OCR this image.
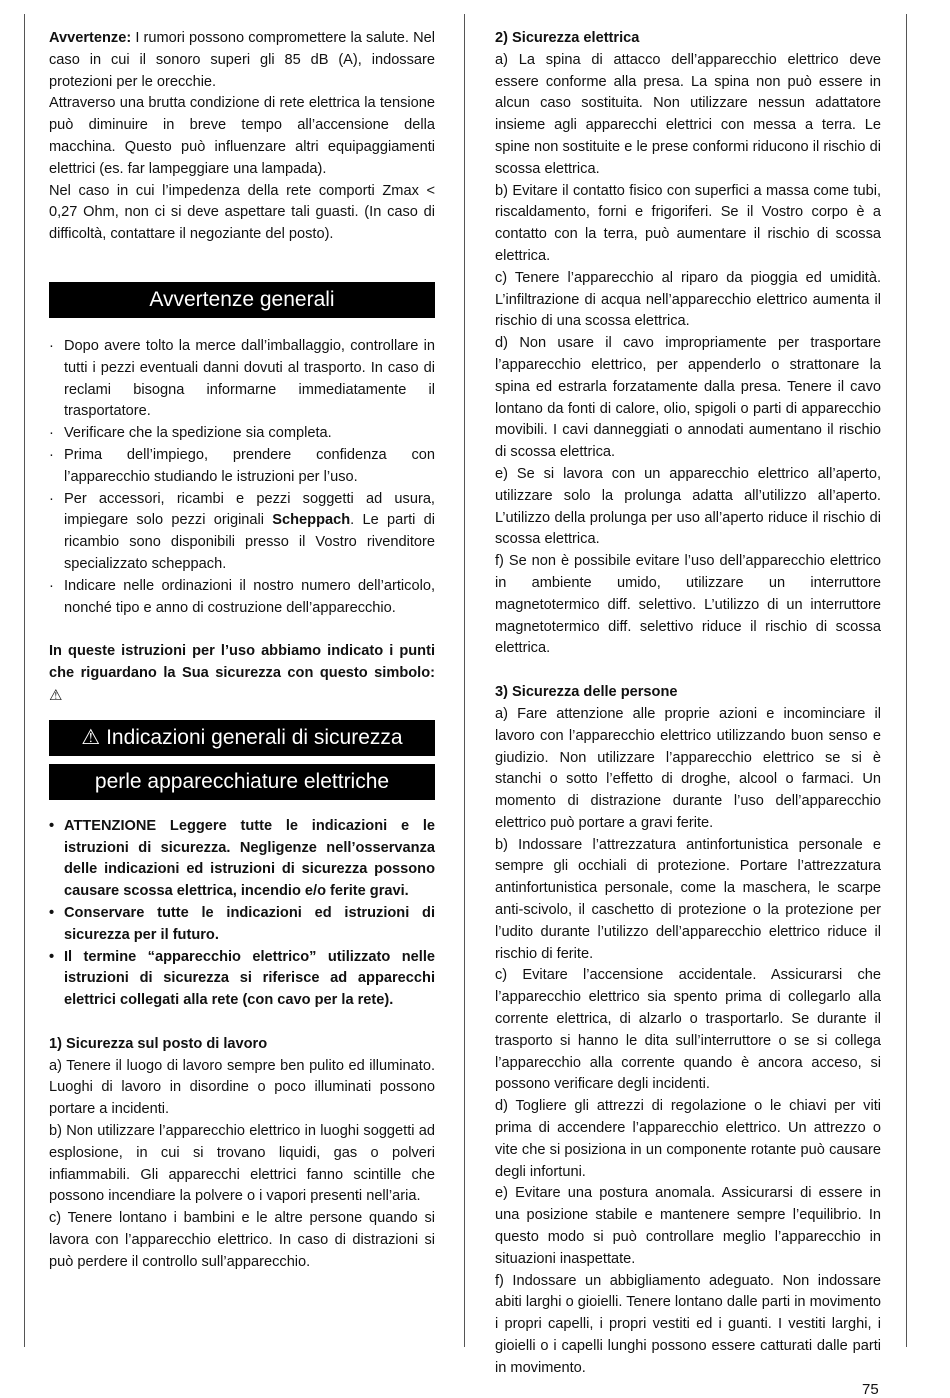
Avvertenze: I rumori possono compromettere la salute. Nel caso in cui il sonoro superi gli 85 dB (A), indossare protezioni per le orecchie.

Attraverso una brutta condizione di rete elettrica la tensione può diminuire in breve tempo all’accensione della macchina. Questo può influenzare altri equipaggiamenti elettrici (es. far lampeggiare una lampada).

Nel caso in cui l’impedenza della rete comporti Zmax < 0,27 Ohm, non ci si deve aspettare tali guasti. (In caso di difficoltà, contattare il negoziante del posto).

Avvertenze generali
· Dopo avere tolto la merce dall’imballaggio, controllare in tutti i pezzi eventuali danni dovuti al trasporto. In caso di reclami bisogna informarne immediatamente il trasportatore.
· Verificare che la spedizione sia completa.
· Prima dell’impiego, prendere confidenza con l’apparecchio studiando le istruzioni per l’uso.
· Per accessori, ricambi e pezzi soggetti ad usura, impiegare solo pezzi originali Scheppach. Le parti di ricambio sono disponibili presso il Vostro rivenditore specializzato scheppach.
· Indicare nelle ordinazioni il nostro numero dell’articolo, nonché tipo e anno di costruzione dell’apparecchio.

In queste istruzioni per l’uso abbiamo indicato i punti che riguardano la Sua sicurezza con questo simbolo: ⚠

⚠ Indicazioni generali di sicurezza
perle apparecchiature elettriche
• ATTENZIONE Leggere tutte le indicazioni e le istruzioni di sicurezza. Negligenze nell’osservanza delle indicazioni ed istruzioni di sicurezza possono causare scossa elettrica, incendio e/o ferite gravi.
• Conservare tutte le indicazioni ed istruzioni di sicurezza per il futuro.
• Il termine “apparecchio elettrico” utilizzato nelle istruzioni di sicurezza si riferisce ad apparecchi elettrici collegati alla rete (con cavo per la rete).

1) Sicurezza sul posto di lavoro

a) Tenere il luogo di lavoro sempre ben pulito ed illuminato. Luoghi di lavoro in disordine o poco illuminati possono portare a incidenti.

b) Non utilizzare l’apparecchio elettrico in luoghi soggetti ad esplosione, in cui si trovano liquidi, gas o polveri infiammabili. Gli apparecchi elettrici fanno scintille che possono incendiare la polvere o i vapori presenti nell’aria.

c) Tenere lontano i bambini e le altre persone quando si lavora con l’apparecchio elettrico. In caso di distrazioni si può perdere il controllo sull’apparecchio.

2) Sicurezza elettrica

a) La spina di attacco dell’apparecchio elettrico deve essere conforme alla presa. La spina non può essere in alcun caso sostituita. Non utilizzare nessun adattatore insieme agli apparecchi elettrici con messa a terra. Le spine non sostituite e le prese conformi riducono il rischio di scossa elettrica.

b) Evitare il contatto fisico con superfici a massa come tubi, riscaldamento, forni e frigoriferi. Se il Vostro corpo è a contatto con la terra, può aumentare il rischio di scossa elettrica.

c) Tenere l’apparecchio al riparo da pioggia ed umidità. L’infiltrazione di acqua nell’apparecchio elettrico aumenta il rischio di una scossa elettrica.

d) Non usare il cavo impropriamente per trasportare l’apparecchio elettrico, per appenderlo o strattonare la spina ed estrarla forzatamente dalla presa. Tenere il cavo lontano da fonti di calore, olio, spigoli o parti di apparecchio movibili. I cavi danneggiati o annodati aumentano il rischio di scossa elettrica.

e) Se si lavora con un apparecchio elettrico all’aperto, utilizzare solo la prolunga adatta all’utilizzo all’aperto. L’utilizzo della prolunga per uso all’aperto riduce il rischio di scossa elettrica.

f) Se non è possibile evitare l’uso dell’apparecchio elettrico in ambiente umido, utilizzare un interruttore magnetotermico diff. selettivo. L’utilizzo di un interruttore magnetotermico diff. selettivo riduce il rischio di scossa elettrica.

3) Sicurezza delle persone

a) Fare attenzione alle proprie azioni e incominciare il lavoro con l’apparecchio elettrico utilizzando buon senso e giudizio. Non utilizzare l’apparecchio elettrico se si è stanchi o sotto l’effetto di droghe, alcool o farmaci. Un momento di distrazione durante l’uso dell’apparecchio elettrico può portare a gravi ferite.

b) Indossare l’attrezzatura antinfortunistica personale e sempre gli occhiali di protezione. Portare l’attrezzatura antinfortunistica personale, come la maschera, le scarpe anti-scivolo, il caschetto di protezione o la protezione per l’udito durante l’utilizzo dell’apparecchio elettrico riduce il rischio di ferite.

c) Evitare l’accensione accidentale. Assicurarsi che l’apparecchio elettrico sia spento prima di collegarlo alla corrente elettrica, di alzarlo o trasportarlo. Se durante il trasporto si hanno le dita sull’interruttore o se si collega l’apparecchio alla corrente quando è ancora acceso, si possono verificare degli incidenti.

d) Togliere gli attrezzi di regolazione o le chiavi per viti prima di accendere l’apparecchio elettrico. Un attrezzo o vite che si posiziona in un componente rotante può causare degli infortuni.

e) Evitare una postura anomala. Assicurarsi di essere in una posizione stabile e mantenere sempre l’equilibrio. In questo modo si può controllare meglio l’apparecchio in situazioni inaspettate.

f) Indossare un abbigliamento adeguato. Non indossare abiti larghi o gioielli. Tenere lontano dalle parti in movimento i propri capelli, i propri vestiti ed i guanti. I vestiti larghi, i gioielli o i capelli lunghi possono essere catturati dalle parti in movimento.

75
